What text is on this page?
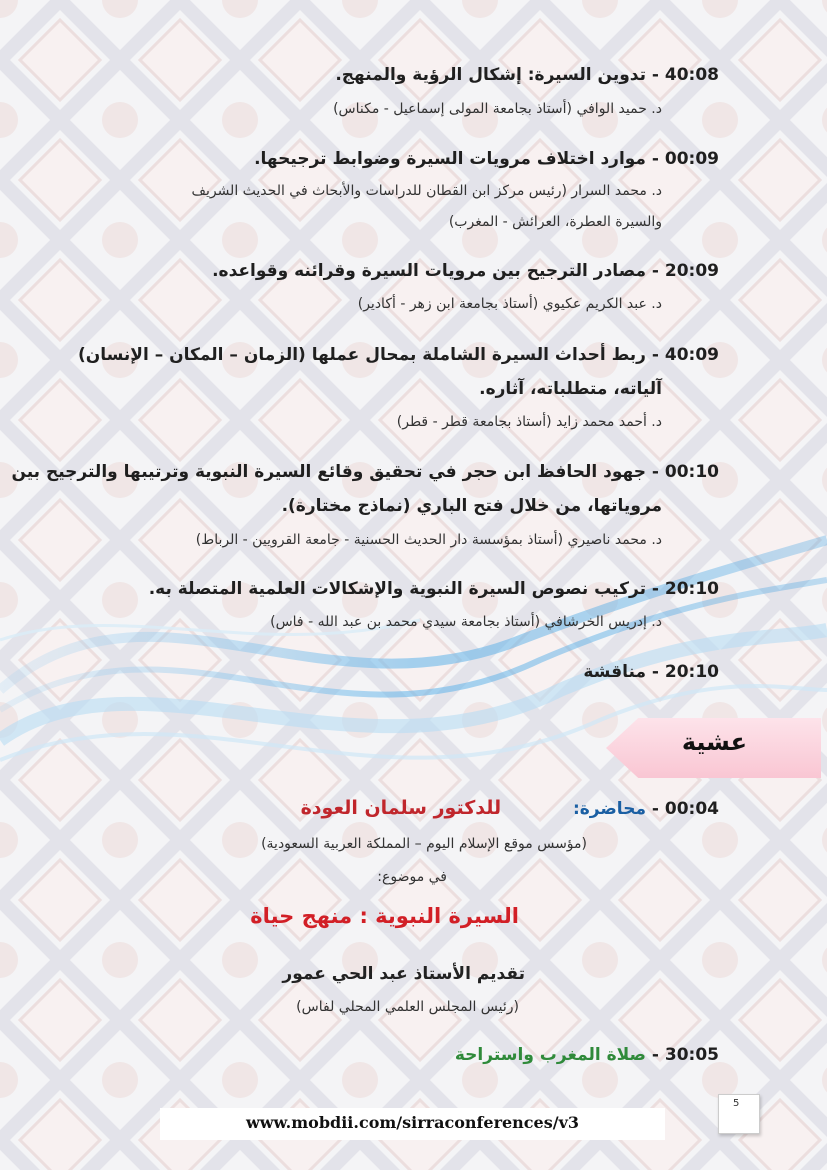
40:08 - تدوين السيرة: إشكال الرؤية والمنهج.
د. حميد الوافي (أستاذ بجامعة المولى إسماعيل - مكناس)
00:09 - موارد اختلاف مرويات السيرة وضوابط ترجيحها.
د. محمد السرار (رئيس مركز ابن القطان للدراسات والأبحاث في الحديث الشريف
والسيرة العطرة، العرائش - المغرب)
20:09 - مصادر الترجيح بين مرويات السيرة وقرائنه وقواعده.
د. عبد الكريم عكيوي (أستاذ بجامعة ابن زهر - أكادير)
40:09 - ربط أحداث السيرة الشاملة بمحال عملها (الزمان – المكان – الإنسان)
آلياته، متطلباته، آثاره.
د. أحمد محمد زايد (أستاذ بجامعة قطر - قطر)
00:10 - جهود الحافظ ابن حجر في تحقيق وقائع السيرة النبوية وترتيبها والترجيح بين
مروياتها، من خلال فتح الباري (نماذج مختارة).
د. محمد ناصيري (أستاذ بمؤسسة دار الحديث الحسنية - جامعة القرويين - الرباط)
20:10 - تركيب نصوص السيرة النبوية والإشكالات العلمية المتصلة به.
د. إدريس الخرشافي (أستاذ بجامعة سيدي محمد بن عبد الله - فاس)
20:10 - مناقشة
عشية
00:04 - محاضرة:  للدكتور سلمان العودة
(مؤسس موقع الإسلام اليوم – المملكة العربية السعودية)
في موضوع:
السيرة النبوية : منهج حياة
تقديم الأستاذ عبد الحي عمور
(رئيس المجلس العلمي المحلي لفاس)
30:05 - صلاة المغرب واستراحة
www.mobdii.com/sirraconferences/v3
5
